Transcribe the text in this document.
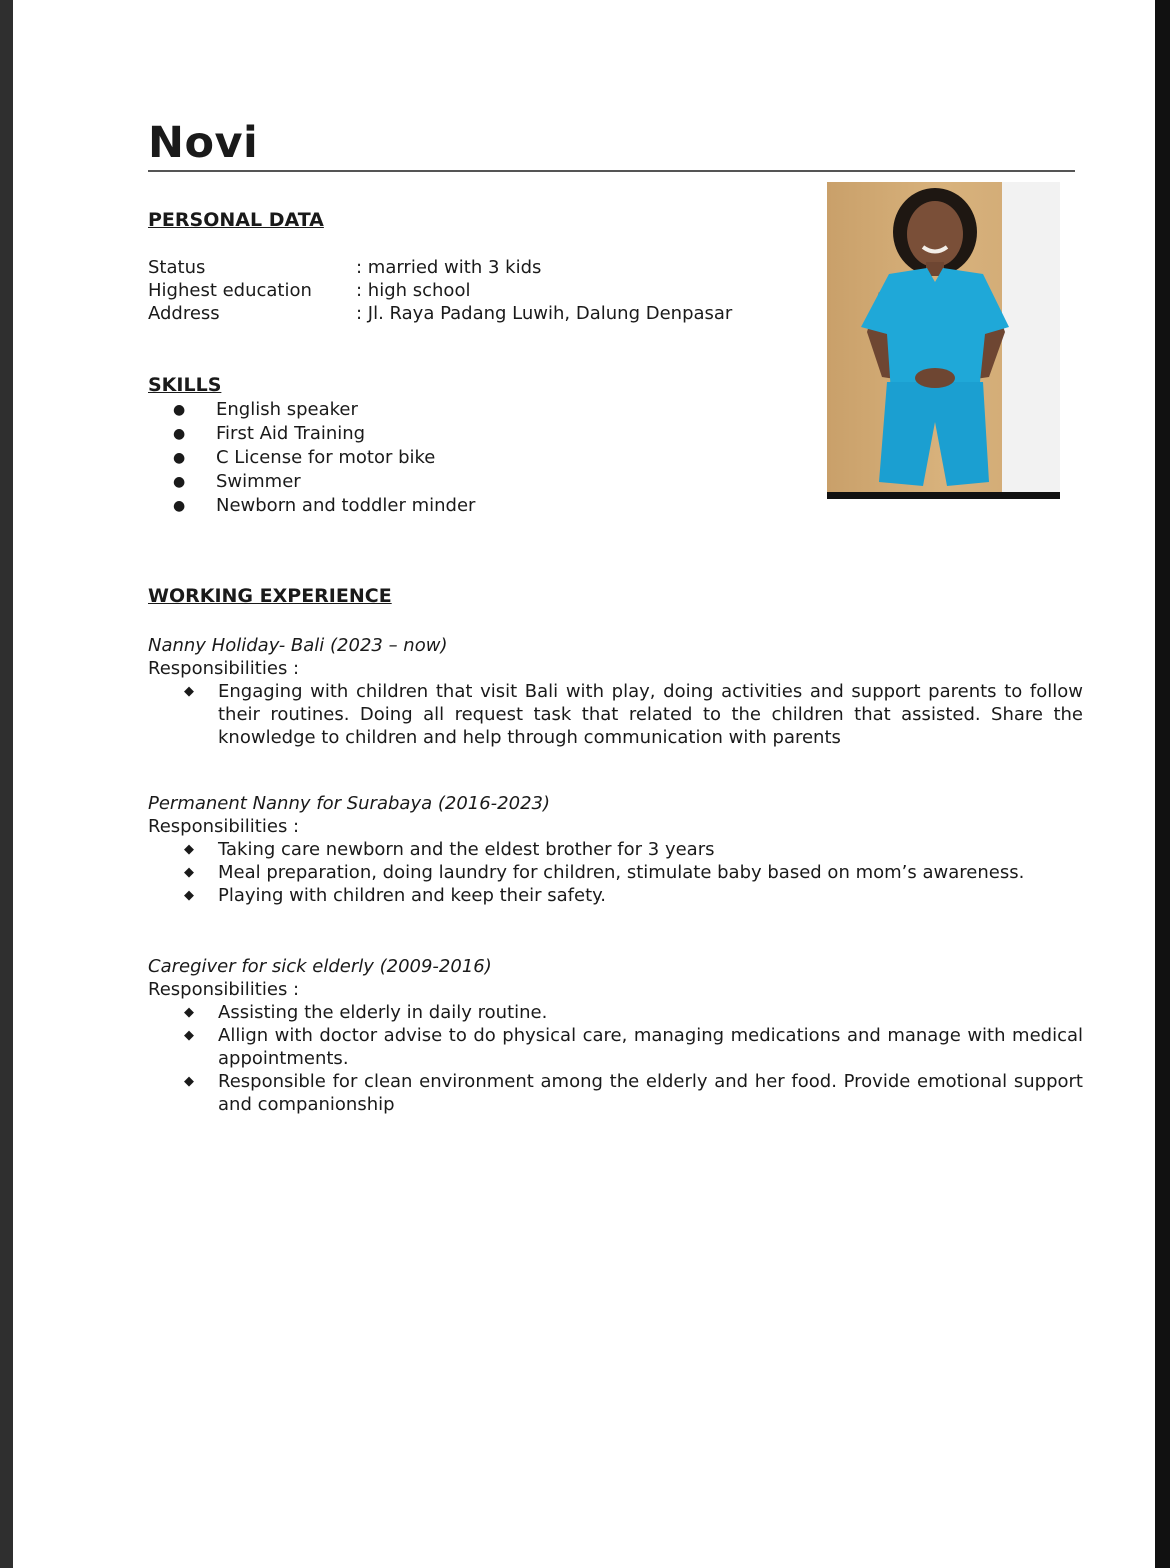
Novi
PERSONAL DATA
Status	: married with 3 kids
Highest education	: high school
Address	: Jl. Raya Padang Luwih, Dalung Denpasar
SKILLS
●	English speaker
●	First Aid Training
●	C License for motor bike
●	Swimmer
●	Newborn and toddler minder
WORKING EXPERIENCE
Nanny Holiday- Bali (2023 – now)
Responsibilities :
◆	Engaging with children that visit Bali with play, doing activities and support parents to follow their routines. Doing all request task that related to the children that assisted. Share the knowledge to children and help through communication with parents
Permanent Nanny for Surabaya (2016-2023)
Responsibilities :
◆	Taking care newborn and the eldest brother for 3 years
◆	Meal preparation, doing laundry for children, stimulate baby based on mom’s awareness.
◆	Playing with children and keep their safety.
Caregiver for sick elderly (2009-2016)
Responsibilities :
◆	Assisting the elderly in daily routine.
◆	Allign with doctor advise to do physical care, managing medications and manage with medical appointments.
◆	Responsible for clean environment among the elderly and her food. Provide emotional support and companionship
